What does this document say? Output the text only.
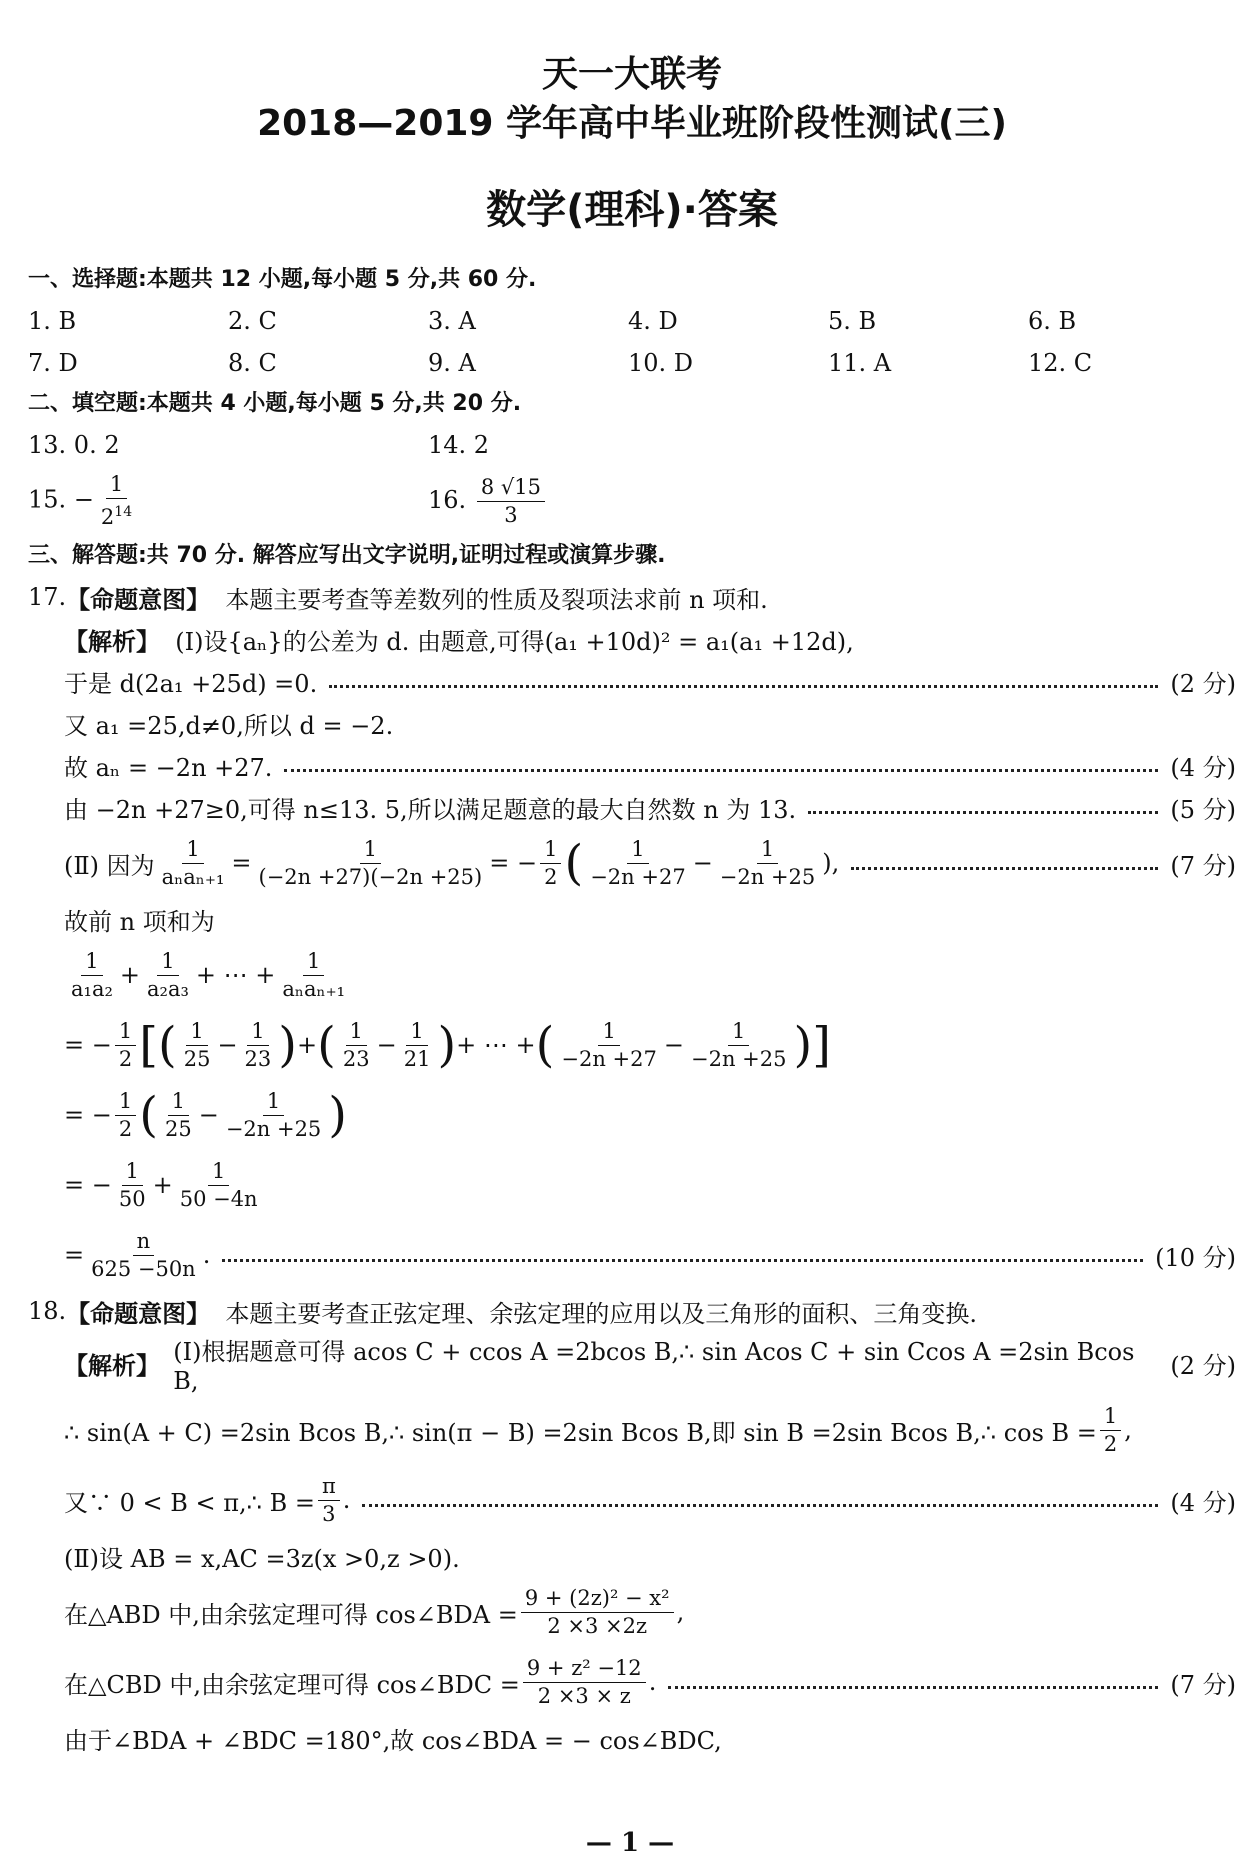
天一大联考
2018—2019 学年高中毕业班阶段性测试(三)
数学(理科)·答案
一、选择题:本题共 12 小题,每小题 5 分,共 60 分.
1. B	2. C	3. A	4. D	5. B	6. B
7. D	8. C	9. A	10. D	11. A	12. C
二、填空题:本题共 4 小题,每小题 5 分,共 20 分.
13. 0. 2	14. 2
15. − $\frac{1}{2^{14}}$	16. $\frac{8 √15}{3}$
三、解答题:共 70 分. 解答应写出文字说明,证明过程或演算步骤.
17. 【命题意图】
本题主要考查等差数列的性质及裂项法求前 n 项和.
【解析】
(Ⅰ)设{aₙ}的公差为 d. 由题意,可得(a₁ +10d)² = a₁(a₁ +12d),
于是 d(2a₁ +25d) =0.	(2 分)
又 a₁ =25,d≠0,所以 d = −2.
故 aₙ = −2n +27.	(4 分)
由 −2n +27≥0,可得 n≤13. 5,所以满足题意的最大自然数 n 为 13.	(5 分)
(Ⅱ) 因为 $\frac{1}{\text{aₙaₙ₊₁}} = \frac{1}{(-2n +27)(-2n +25)}$ = − $\frac{1}{2}$ ( $\frac{1}{-2n +27} - \frac{1}{-2n +25}$ ),	(7 分)
故前 n 项和为
$\frac{1}{\text{a₁a₂}} + \frac{1}{\text{a₂a₃}}$ + ⋯ + $\frac{1}{\text{aₙaₙ₊₁}}$
= − $\frac{1}{2}$ [ ( $\frac{1}{25} - \frac{1}{23}$ ) + ( $\frac{1}{23} - \frac{1}{21}$ ) + ⋯ + ( $\frac{1}{-2n +27} - \frac{1}{-2n +25}$ ) ]
= − $\frac{1}{2}$ ( $\frac{1}{25} - \frac{1}{-2n +25}$ )
= − $\frac{1}{50} + \frac{1}{50 -4n}$
= $\frac{n}{625 -50n}$ .	(10 分)
18. 【命题意图】
本题主要考查正弦定理、余弦定理的应用以及三角形的面积、三角变换.
【解析】
(Ⅰ)根据题意可得 acos C + ccos A =2bcos B,∴ sin Acos C + sin Ccos A =2sin Bcos B,
(2 分)
∴ sin(A + C) =2sin Bcos B,∴ sin(π − B) =2sin Bcos B,即 sin B =2sin Bcos B,∴ $\cos B = \frac{1}{2}$ ,
又∵ 0 < B < π,∴ $B = \frac{\pi}{3}$ .	(4 分)
(Ⅱ)设 AB = x,AC =3z(x >0,z >0).
在△ABD 中,由余弦定理可得 cos∠BDA = $\frac{\text{9 + (2z)² − x²}}{2 \times 3 \times 2z}$ ,
在△CBD 中,由余弦定理可得 cos∠BDC = $\frac{\text{9 + z² −12}}{2 \times 3 \times z}$ .	(7 分)
由于∠BDA + ∠BDC =180°,故 cos∠BDA = − cos∠BDC,
— 1 —
